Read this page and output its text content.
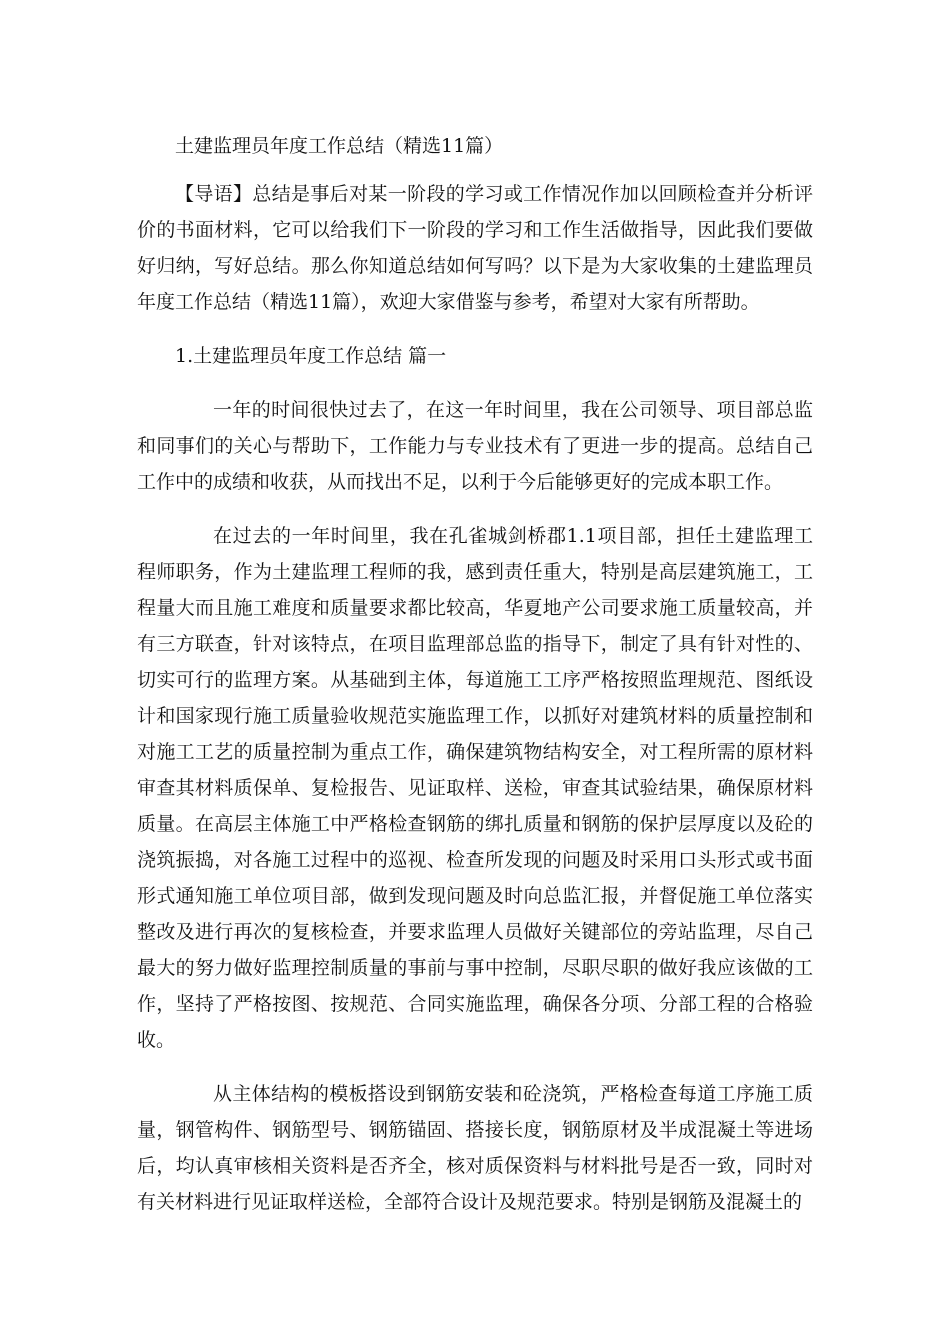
土建监理员年度工作总结（精选11篇）

【导语】总结是事后对某一阶段的学习或工作情况作加以回顾检查并分析评价的书面材料，它可以给我们下一阶段的学习和工作生活做指导，因此我们要做好归纳，写好总结。那么你知道总结如何写吗？以下是为大家收集的土建监理员年度工作总结（精选11篇），欢迎大家借鉴与参考，希望对大家有所帮助。

1.土建监理员年度工作总结 篇一

一年的时间很快过去了，在这一年时间里，我在公司领导、项目部总监和同事们的关心与帮助下，工作能力与专业技术有了更进一步的提高。总结自己工作中的成绩和收获，从而找出不足，以利于今后能够更好的完成本职工作。

在过去的一年时间里，我在孔雀城剑桥郡1.1项目部，担任土建监理工程师职务，作为土建监理工程师的我，感到责任重大，特别是高层建筑施工，工程量大而且施工难度和质量要求都比较高，华夏地产公司要求施工质量较高，并有三方联查，针对该特点，在项目监理部总监的指导下，制定了具有针对性的、切实可行的监理方案。从基础到主体，每道施工工序严格按照监理规范、图纸设计和国家现行施工质量验收规范实施监理工作，以抓好对建筑材料的质量控制和对施工工艺的质量控制为重点工作，确保建筑物结构安全，对工程所需的原材料审查其材料质保单、复检报告、见证取样、送检，审查其试验结果，确保原材料质量。在高层主体施工中严格检查钢筋的绑扎质量和钢筋的保护层厚度以及砼的浇筑振捣，对各施工过程中的巡视、检查所发现的问题及时采用口头形式或书面形式通知施工单位项目部，做到发现问题及时向总监汇报，并督促施工单位落实整改及进行再次的复核检查，并要求监理人员做好关键部位的旁站监理，尽自己最大的努力做好监理控制质量的事前与事中控制，尽职尽职的做好我应该做的工作，坚持了严格按图、按规范、合同实施监理，确保各分项、分部工程的合格验收。

从主体结构的模板搭设到钢筋安装和砼浇筑，严格检查每道工序施工质量，钢管构件、钢筋型号、钢筋锚固、搭接长度，钢筋原材及半成混凝土等进场后，均认真审核相关资料是否齐全，核对质保资料与材料批号是否一致，同时对有关材料进行见证取样送检，全部符合设计及规范要求。特别是钢筋及混凝土的
